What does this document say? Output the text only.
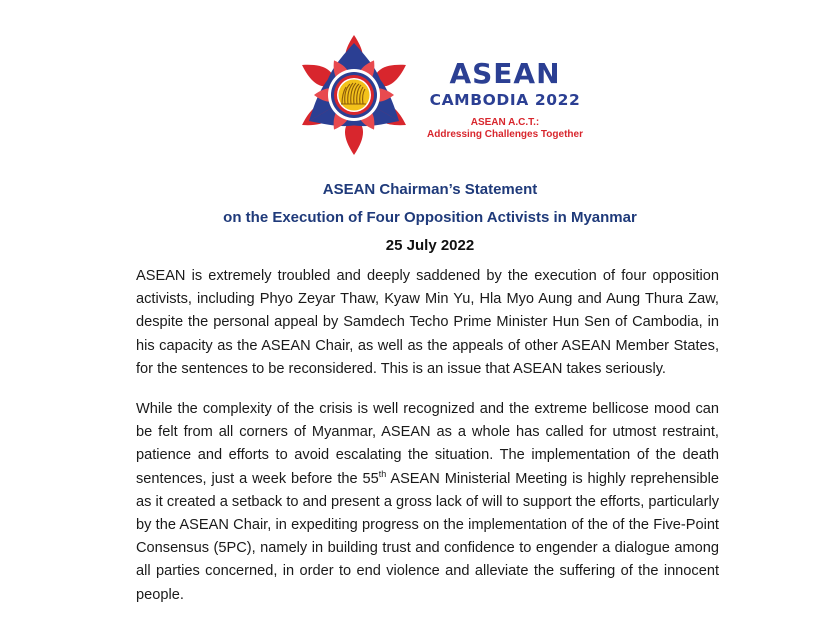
ASEAN
CAMBODIA 2022
ASEAN A.C.T.:
Addressing Challenges Together
ASEAN Chairman’s Statement
on the Execution of Four Opposition Activists in Myanmar
25 July 2022

ASEAN is extremely troubled and deeply saddened by the execution of four opposition activists, including Phyo Zeyar Thaw, Kyaw Min Yu, Hla Myo Aung and Aung Thura Zaw, despite the personal appeal by Samdech Techo Prime Minister Hun Sen of Cambodia, in his capacity as the ASEAN Chair, as well as the appeals of other ASEAN Member States, for the sentences to be reconsidered. This is an issue that ASEAN takes seriously.

While the complexity of the crisis is well recognized and the extreme bellicose mood can be felt from all corners of Myanmar, ASEAN as a whole has called for utmost restraint, patience and efforts to avoid escalating the situation. The implementation of the death sentences, just a week before the 55th ASEAN Ministerial Meeting is highly reprehensible as it created a setback to and present a gross lack of will to support the efforts, particularly by the ASEAN Chair, in expediting progress on the implementation of the of the Five-Point Consensus (5PC), namely in building trust and confidence to engender a dialogue among all parties concerned, in order to end violence and alleviate the suffering of the innocent people.
